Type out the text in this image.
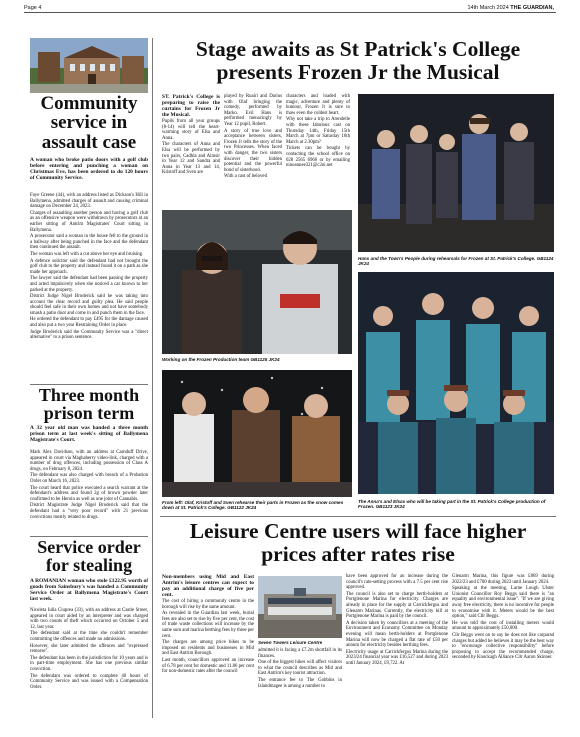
Page 4	14th March 2024 THE GUARDIAN,
Community service in assault case
A woman who broke patio doors with a golf club before entering and punching a woman on Christmas Eve, has been ordered to do 120 hours of Community Service.

Faye Greene (44), with an address listed as Dickson's Hill in Ballymena, admitted charges of assault and causing criminal damage on December 24, 2023.

Charges of assaulting another person and having a golf club as an offensive weapon were withdrawn by prosecutors at an earlier sitting of Antrim Magistrates' Court sitting in Ballymena.

A prosecutor said a woman in the house fell to the ground in a hallway after being punched in the face and the defendant then continued the assault.

The woman was left with a cut above her eye and bruising.

A defence solicitor said the defendant had not brought the golf club to the property and instead found it on a path as she made her approach.

The lawyer said the defendant had been passing the property and acted impulsively when she noticed a car known to her parked at the property.

District Judge Nigel Broderick said he was taking into account the clear record and guilty plea. He said people should feel safe in their own homes and not have somebody smash a patio door and come in and punch them in the face.

He ordered the defendant to pay £495 for the damage caused and also put a two year Restraining Order in place.

Judge Broderick said the Community Service was a "direct alternative" to a prison sentence.

Three month prison term
A 32 year old man was handed a three month prison term at last week's sitting of Ballymena Magistrate's Court.

Mark Alex Davidson, with an address at Carnduff Drive, appeared in court via Maghaberry video-link, charged with a number of drug offences, including possession of Class A drugs, on February 8, 2024.

The defendant was also charged with breach of a Probation Order on March 16, 2023.

The court heard that police executed a search warrant at the defendant's address and found 2g of brown powder later confirmed to be Heroin as well as one joint of Cannabis.

District Magistrate Judge Nigel Broderick said that the defendant had a "very poor record" with 21 previous convictions mostly related to drugs.

Service order for stealing
A ROMANIAN woman who stole £122.95 worth of goods from Sainsbury's was handed a Community Service Order at Ballymena Magistrate's Court last week.

Nicoleta Iulia Ciuprea (33), with an address at Castle Street, appeared in court aided by an interpreter and was charged with two counts of theft which occurred on October 5 and 12, last year.

The defendant said at the time she couldn't remember committing the offences and made no admissions.

However, she later admitted the offences and "expressed remorse".

The defendant has been in the jurisdiction for 10 years and is in part-time employment. She has one previous similar conviction.

The defendant was ordered to complete 40 hours of Community Service and was issued with a Compensation Order.

Stage awaits as St Patrick's College presents Frozen Jr the Musical

ST. Patrick's College is preparing to raise the curtains for Frozen Jr the Musical.

Pupils from all year groups (8-14) will tell the heart-warming story of Elsa and Anna.

The characters of Anna and Elsa will be performed by two pairs, Cadhla and Aimsir in Year 12 and Sandra and Anna in Year 13 and 14, Kristoff and Sven are

played by Ruairi and Darius with Olaf bringing the comedy, performed by Marko. Evil Hans is performed menacingly by Year 12 pupil, Robert.

A story of true love and acceptance between sisters, Frozen Jr tells the story of the two Princesses. When faced with danger, the two sisters discover their hidden potential and the powerful bond of sisterhood.

With a cast of beloved

characters and loaded with magic, adventure and plenty of humour, Frozen Jr is sure to thaw even the coldest heart.

Why not take a trip to Arendelle with these fabulous cast on Thursday 14th, Friday 15th March at 7pm or Saturday 16th March at 2.30pm?

Tickets can be bought by contacting the school office on 028 2565 6966 or by emailing ninoannee321@c2ni.net

Hans and the Town's People during rehearsals for Frozen at St. Patrick's College. GB1124 JK24
Working on the Frozen Production team GB1125 JK24
From left: Olaf, Kristoff and Sven rehearse their parts in Frozen as the snow comes down at St. Patrick's College. GB1122 JK24
The Anna's and Elsas who will be taking part in the St. Patrick's College production of Frozen. GB1123 JK24
Leisure Centre users will face higher prices after rates rise

Non-members using Mid and East Antrim's leisure centres can expect to pay an additional charge of five per cent.

The cost of hiring a community centre in the borough will rise by the same amount.

As revealed in the Guardian last week, burial fees are also set to rise by five per cent, the cost of trade waste collections will increase by the same sum and marina berthing fees by three per cent.

The charges are among price hikes to be imposed on residents and businesses in Mid and East Antrim Borough.

Last month, councillors approved an increase of 6.78 per cent for domestic and 11.86 per cent for non-domestic rates after the council

Seven Towers Leisure Centre

admitted it is facing a £7.2m shortfall in its finances.

One of the biggest hikes will affect visitors to what the council describes as Mid and East Antrim's key tourist attraction.

The entrance fee to The Gobbins in Islandmagee is among a number to

have been approved for an increase during the council's rate-setting process with a 7.5 per cent rise approved.

The council is also set to charge berth-holders at Portglenone Marina for electricity. Charges are already in place for the supply at Carrickfergus and Glenarm Marinas. Currently, the electricity bill at Portglenone Marina is paid by the council.

A decision taken by councillors at a meeting of the Environment and Economy Committee on Monday evening will mean berth-holders at Portglenone Marina will now be charged a flat rate of £50 per annum for electricity besides berthing fees.

Electricity usage at Carrickfergus Marina during the 2023/24 financial year was £16,527 and during 2023 until January 2024, £9,722. At

Glenarm Marina, this figure was £869 during 2022/23 and £700 during 2023 until January 2024.

Speaking at the meeting, Larne Lough Ulster Unionist Councillor Roy Beggs said there is "an equality and environmental issue". "If we are giving away free electricity, there is no incentive for people to economise with it. Meters would be the best option," said Cllr Beggs.

He was told the cost of installing meters would amount to approximately £50,000.

Cllr Beggs went on to say he does not like carparad charges but added he believes it may be the best way to "encourage collective responsibility" before proposing to accept the recommended charge, seconded by Knockagh Alliance Cllr Aaron Skinner.
